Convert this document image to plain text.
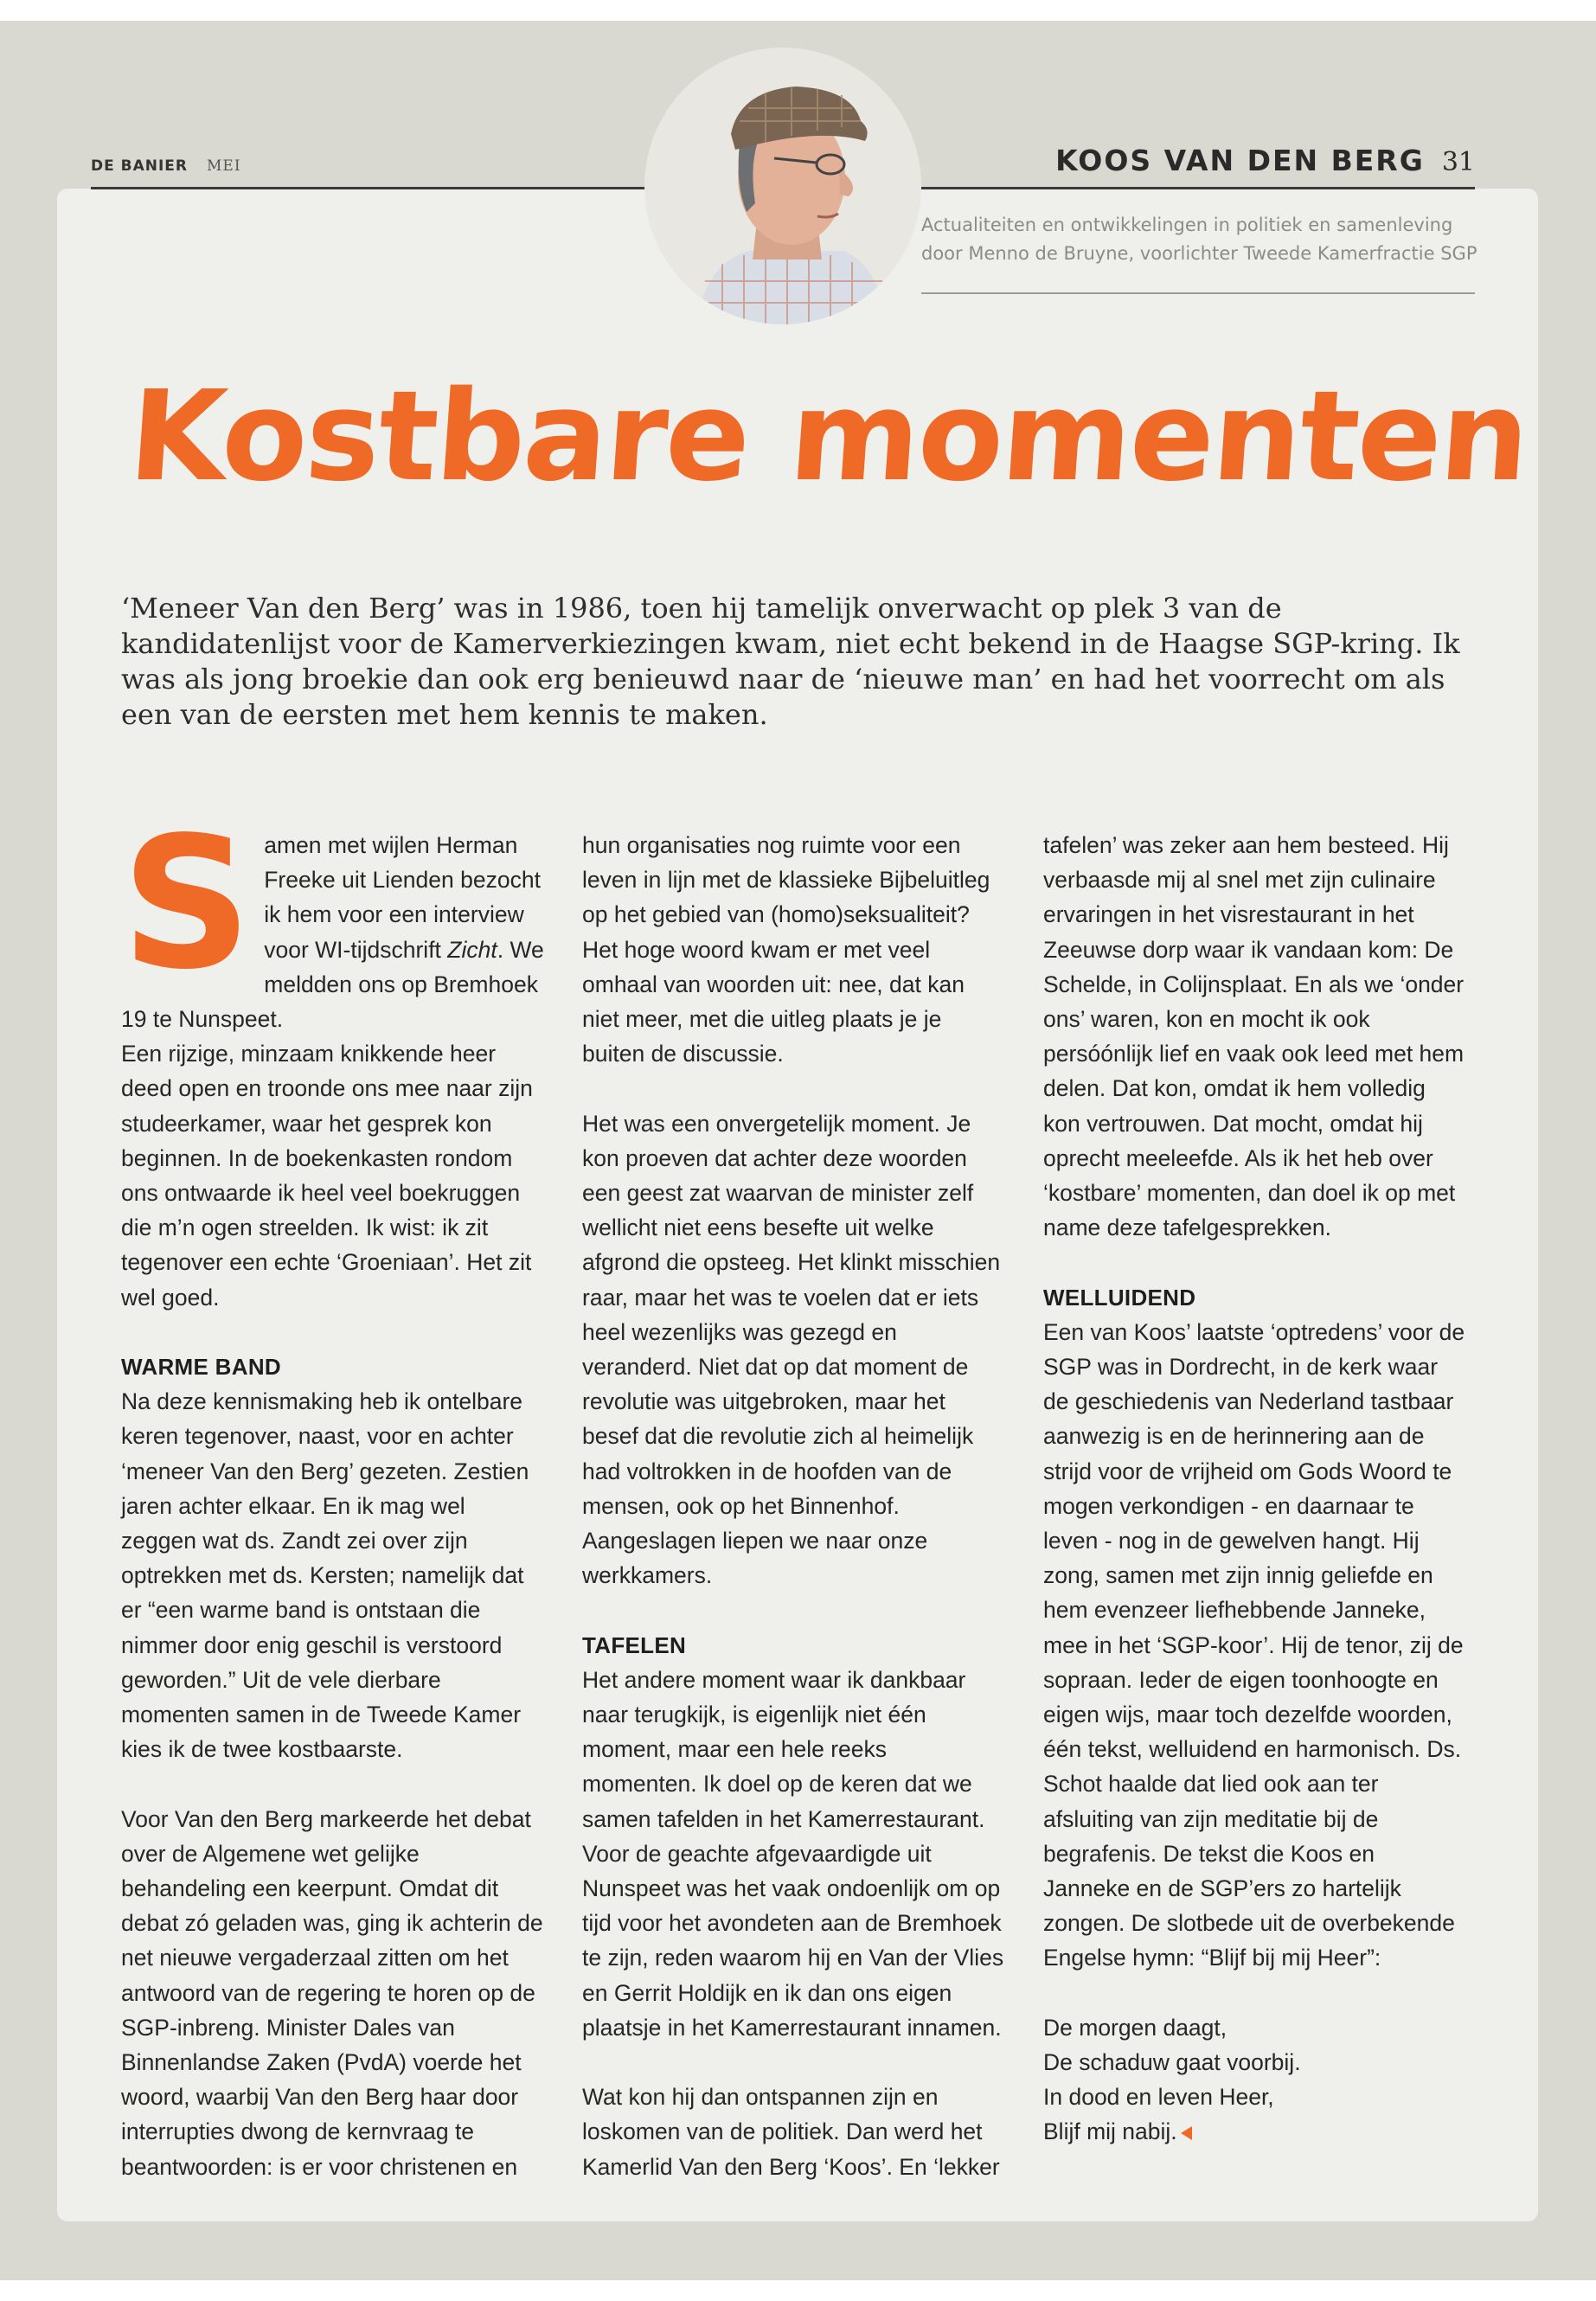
DE BANIER MEI	KOOS VAN DEN BERG 31
Actualiteiten en ontwikkelingen in politiek en samenleving
door Menno de Bruyne, voorlichter Tweede Kamerfractie SGP
Kostbare momenten
‘Meneer Van den Berg’ was in 1986, toen hij tamelijk onverwacht op plek 3 van de kandidatenlijst voor de Kamerverkiezingen kwam, niet echt bekend in de Haagse SGP-kring. Ik was als jong broekie dan ook erg benieuwd naar de ‘nieuwe man’ en had het voorrecht om als een van de eersten met hem kennis te maken.

Samen met wijlen Herman Freeke uit Lienden bezocht ik hem voor een interview voor WI-tijdschrift Zicht. We meldden ons op Bremhoek 19 te Nunspeet.

Een rijzige, minzaam knikkende heer deed open en troonde ons mee naar zijn studeerkamer, waar het gesprek kon beginnen. In de boekenkasten rondom ons ontwaarde ik heel veel boekruggen die m’n ogen streelden. Ik wist: ik zit tegenover een echte ‘Groeniaan’. Het zit wel goed.

WARME BAND

Na deze kennismaking heb ik ontelbare keren tegenover, naast, voor en achter ‘meneer Van den Berg’ gezeten. Zestien jaren achter elkaar. En ik mag wel zeggen wat ds. Zandt zei over zijn optrekken met ds. Kersten; namelijk dat er “een warme band is ontstaan die nimmer door enig geschil is verstoord geworden.” Uit de vele dierbare momenten samen in de Tweede Kamer kies ik de twee kostbaarste.

Voor Van den Berg markeerde het debat over de Algemene wet gelijke behandeling een keerpunt. Omdat dit debat zó geladen was, ging ik achterin de net nieuwe vergaderzaal zitten om het antwoord van de regering te horen op de SGP-inbreng. Minister Dales van Binnenlandse Zaken (PvdA) voerde het woord, waarbij Van den Berg haar door interrupties dwong de kernvraag te beantwoorden: is er voor christenen en

hun organisaties nog ruimte voor een leven in lijn met de klassieke Bijbeluitleg op het gebied van (homo)seksualiteit? Het hoge woord kwam er met veel omhaal van woorden uit: nee, dat kan niet meer, met die uitleg plaats je je buiten de discussie.

Het was een onvergetelijk moment. Je kon proeven dat achter deze woorden een geest zat waarvan de minister zelf wellicht niet eens besefte uit welke afgrond die opsteeg. Het klinkt misschien raar, maar het was te voelen dat er iets heel wezenlijks was gezegd en veranderd. Niet dat op dat moment de revolutie was uitgebroken, maar het besef dat die revolutie zich al heimelijk had voltrokken in de hoofden van de mensen, ook op het Binnenhof. Aangeslagen liepen we naar onze werkkamers.

TAFELEN

Het andere moment waar ik dankbaar naar terugkijk, is eigenlijk niet één moment, maar een hele reeks momenten. Ik doel op de keren dat we samen tafelden in het Kamerrestaurant. Voor de geachte afgevaardigde uit Nunspeet was het vaak ondoenlijk om op tijd voor het avondeten aan de Bremhoek te zijn, reden waarom hij en Van der Vlies en Gerrit Holdijk en ik dan ons eigen plaatsje in het Kamerrestaurant innamen.

Wat kon hij dan ontspannen zijn en loskomen van de politiek. Dan werd het Kamerlid Van den Berg ‘Koos’. En ‘lekker

tafelen’ was zeker aan hem besteed. Hij verbaasde mij al snel met zijn culinaire ervaringen in het visrestaurant in het Zeeuwse dorp waar ik vandaan kom: De Schelde, in Colijnsplaat. En als we ‘onder ons’ waren, kon en mocht ik ook persóónlijk lief en vaak ook leed met hem delen. Dat kon, omdat ik hem volledig kon vertrouwen. Dat mocht, omdat hij oprecht meeleefde. Als ik het heb over ‘kostbare’ momenten, dan doel ik op met name deze tafelgesprekken.

WELLUIDEND

Een van Koos’ laatste ‘optredens’ voor de SGP was in Dordrecht, in de kerk waar de geschiedenis van Nederland tastbaar aanwezig is en de herinnering aan de strijd voor de vrijheid om Gods Woord te mogen verkondigen - en daarnaar te leven - nog in de gewelven hangt. Hij zong, samen met zijn innig geliefde en hem evenzeer liefhebbende Janneke, mee in het ‘SGP-koor’. Hij de tenor, zij de sopraan. Ieder de eigen toonhoogte en eigen wijs, maar toch dezelfde woorden, één tekst, welluidend en harmonisch. Ds. Schot haalde dat lied ook aan ter afsluiting van zijn meditatie bij de begrafenis. De tekst die Koos en Janneke en de SGP’ers zo hartelijk zongen. De slotbede uit de overbekende Engelse hymn: “Blijf bij mij Heer”:

De morgen daagt,

De schaduw gaat voorbij.

In dood en leven Heer,

Blijf mij nabij.
